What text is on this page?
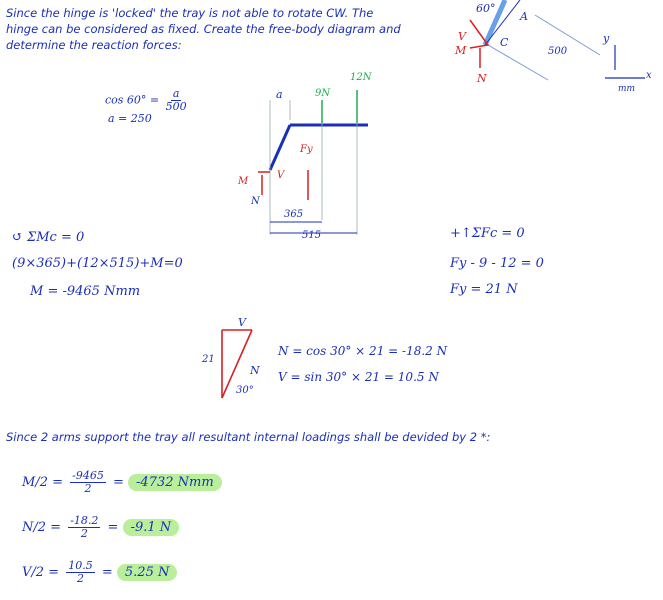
Since the hinge is 'locked' the tray is not able to rotate CW. The hinge can be considered as fixed. Create the free-body diagram and determine the reaction forces:
60°
A
C
500
V
M
N
y
x
mm
$\cos 60^\circ = \frac{a}{500}$
a = 250
a	9N
12N
Fy
M
V
N
365
515
↺ ΣMc = 0
(9×365)+(12×515)+M=0
M = -9465 Nmm
+↑ΣFc = 0
Fy - 9 - 12 = 0
Fy = 21 N
V
21
N
30°
N = cos 30° × 21 = -18.2 N
V = sin 30° × 21 = 10.5 N
Since 2 arms support the tray all resultant internal loadings shall be devided by 2 *:
$M/2 = \frac{-9465}{2} = -4732$ Nmm
$N/2 = \frac{-18.2}{2} = -9.1$ N
$V/2 = \frac{10.5}{2} = 5.25$ N
